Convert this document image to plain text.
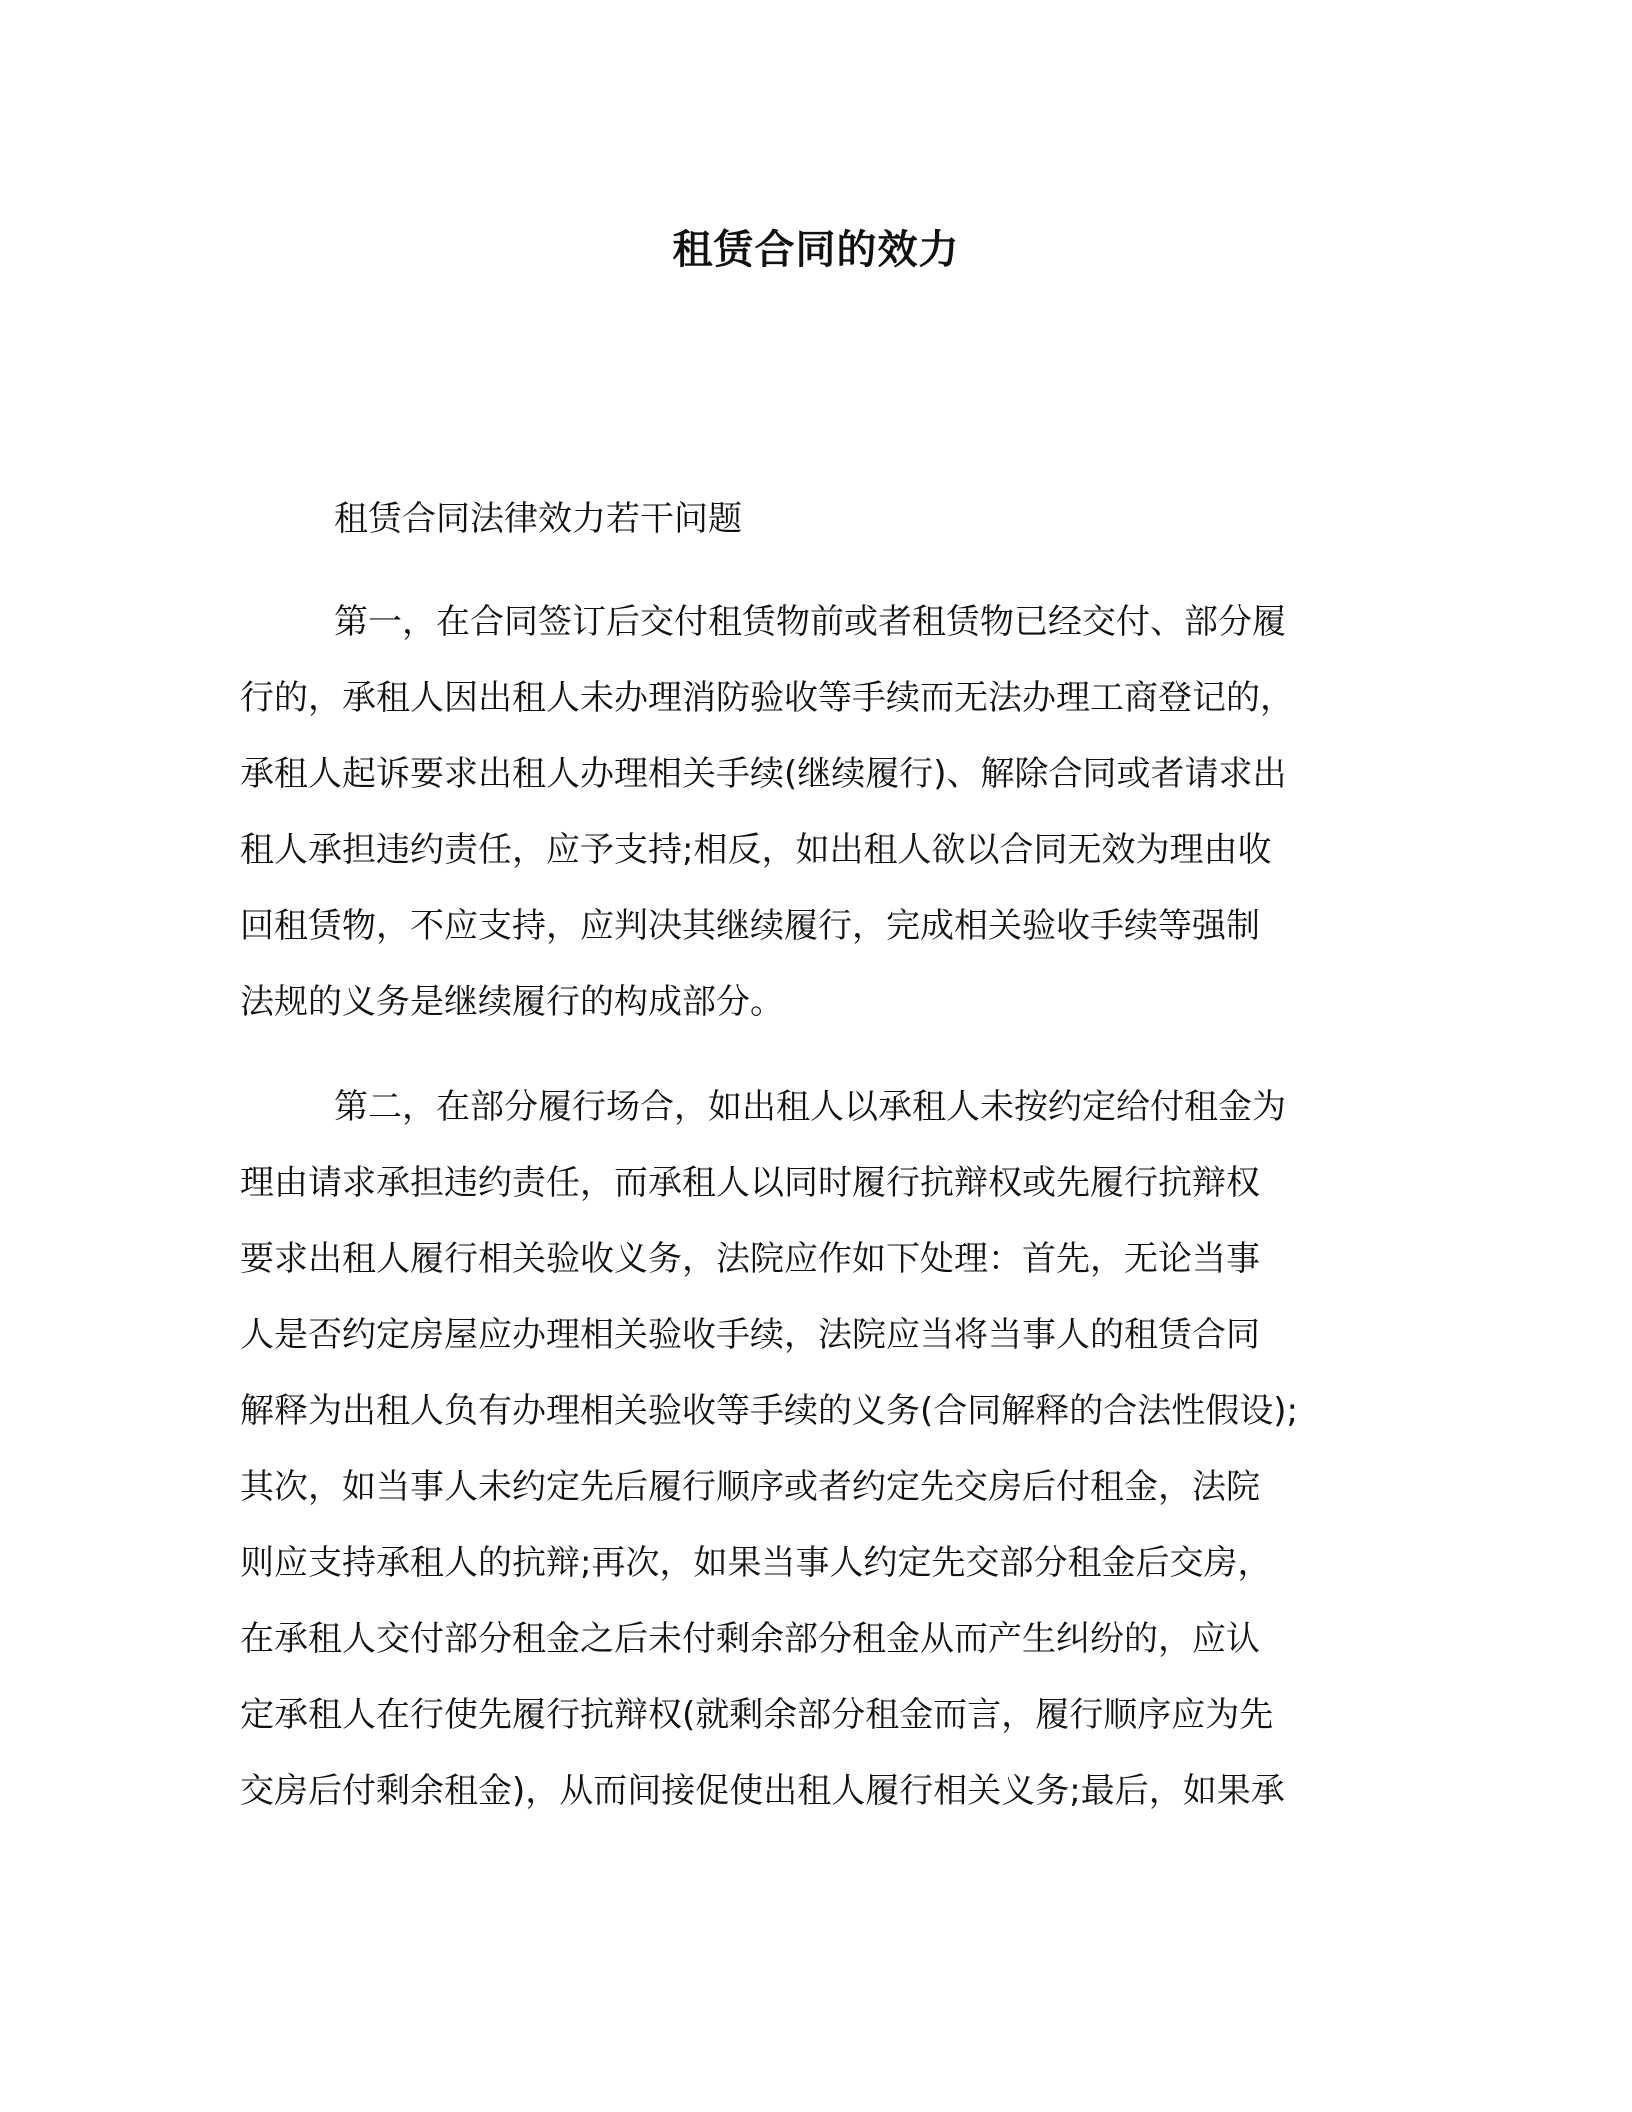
租赁合同的效力
租赁合同法律效力若干问题
第一，在合同签订后交付租赁物前或者租赁物已经交付、部分履
行的，承租人因出租人未办理消防验收等手续而无法办理工商登记的，
承租人起诉要求出租人办理相关手续(继续履行)、解除合同或者请求出
租人承担违约责任，应予支持;相反，如出租人欲以合同无效为理由收
回租赁物，不应支持，应判决其继续履行，完成相关验收手续等强制
法规的义务是继续履行的构成部分。
第二，在部分履行场合，如出租人以承租人未按约定给付租金为
理由请求承担违约责任，而承租人以同时履行抗辩权或先履行抗辩权
要求出租人履行相关验收义务，法院应作如下处理：首先，无论当事
人是否约定房屋应办理相关验收手续，法院应当将当事人的租赁合同
解释为出租人负有办理相关验收等手续的义务(合同解释的合法性假设);
其次，如当事人未约定先后履行顺序或者约定先交房后付租金，法院
则应支持承租人的抗辩;再次，如果当事人约定先交部分租金后交房，
在承租人交付部分租金之后未付剩余部分租金从而产生纠纷的，应认
定承租人在行使先履行抗辩权(就剩余部分租金而言，履行顺序应为先
交房后付剩余租金)，从而间接促使出租人履行相关义务;最后，如果承
